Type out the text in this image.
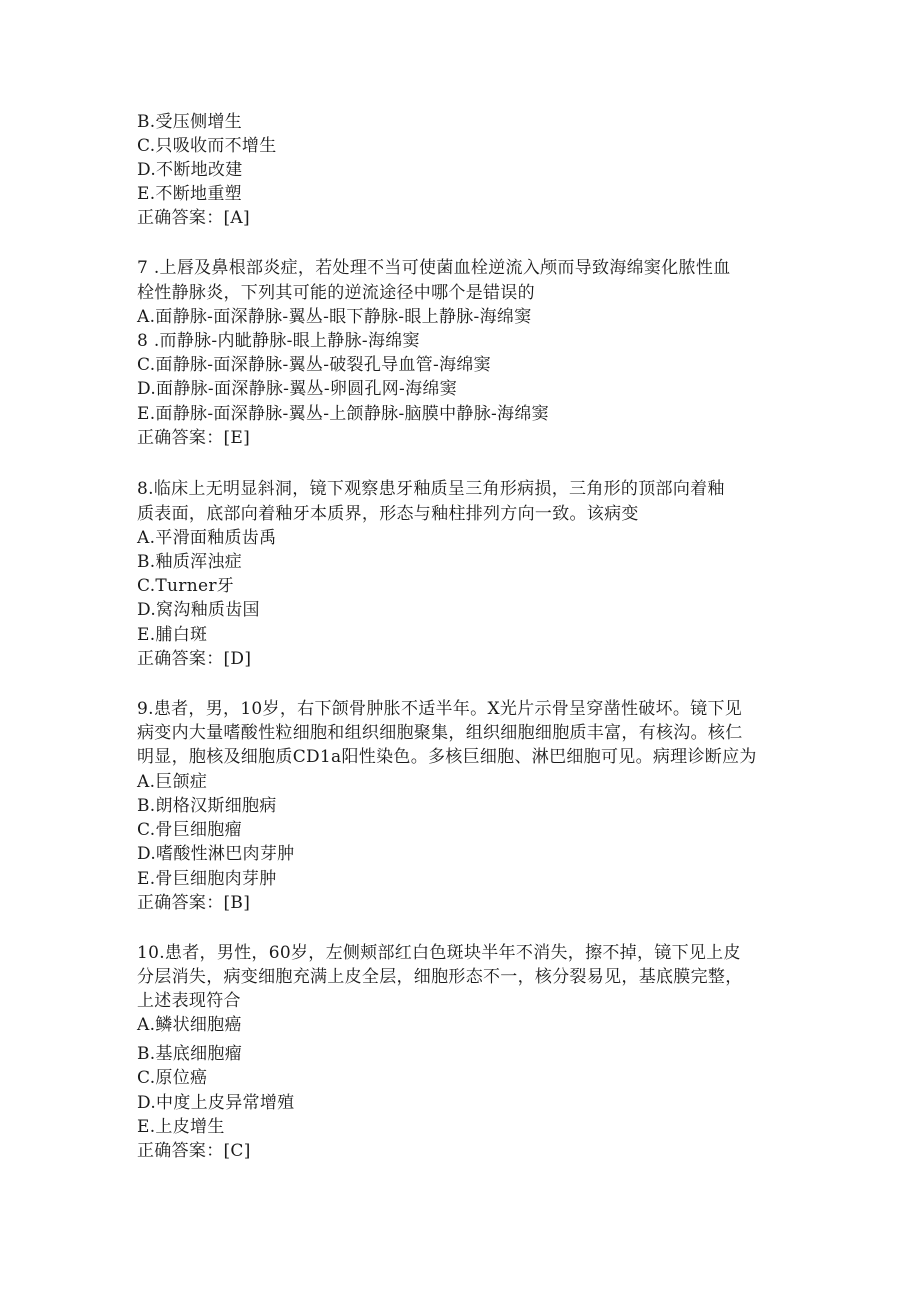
B.受压侧增生
C.只吸收而不增生
D.不断地改建
E.不断地重塑
正确答案：[A]
7 .上唇及鼻根部炎症，若处理不当可使菌血栓逆流入颅而导致海绵窦化脓性血
栓性静脉炎，下列其可能的逆流途径中哪个是错误的
A.面静脉-面深静脉-翼丛-眼下静脉-眼上静脉-海绵窦
8 .而静脉-内眦静脉-眼上静脉-海绵窦
C.面静脉-面深静脉-翼丛-破裂孔导血管-海绵窦
D.面静脉-面深静脉-翼丛-卵圆孔网-海绵窦
E.面静脉-面深静脉-翼丛-上颌静脉-脑膜中静脉-海绵窦
正确答案：[E]
8.临床上无明显斜洞，镜下观察患牙釉质呈三角形病损，三角形的顶部向着釉
质表面，底部向着釉牙本质界，形态与釉柱排列方向一致。该病变
A.平滑面釉质齿禹
B.釉质浑浊症
C.Turner牙
D.窝沟釉质齿国
E.脯白斑
正确答案：[D]
9.患者，男，10岁，右下颌骨肿胀不适半年。X光片示骨呈穿凿性破坏。镜下见
病变内大量嗜酸性粒细胞和组织细胞聚集，组织细胞细胞质丰富，有核沟。核仁
明显，胞核及细胞质CD1a阳性染色。多核巨细胞、淋巴细胞可见。病理诊断应为
A.巨颌症
B.朗格汉斯细胞病
C.骨巨细胞瘤
D.嗜酸性淋巴肉芽肿
E.骨巨细胞肉芽肿
正确答案：[B]
10.患者，男性，60岁，左侧颊部红白色斑块半年不消失，擦不掉，镜下见上皮
分层消失，病变细胞充满上皮全层，细胞形态不一，核分裂易见，基底膜完整，
上述表现符合
A.鳞状细胞癌
B.基底细胞瘤
C.原位癌
D.中度上皮异常增殖
E.上皮增生
正确答案：[C]
